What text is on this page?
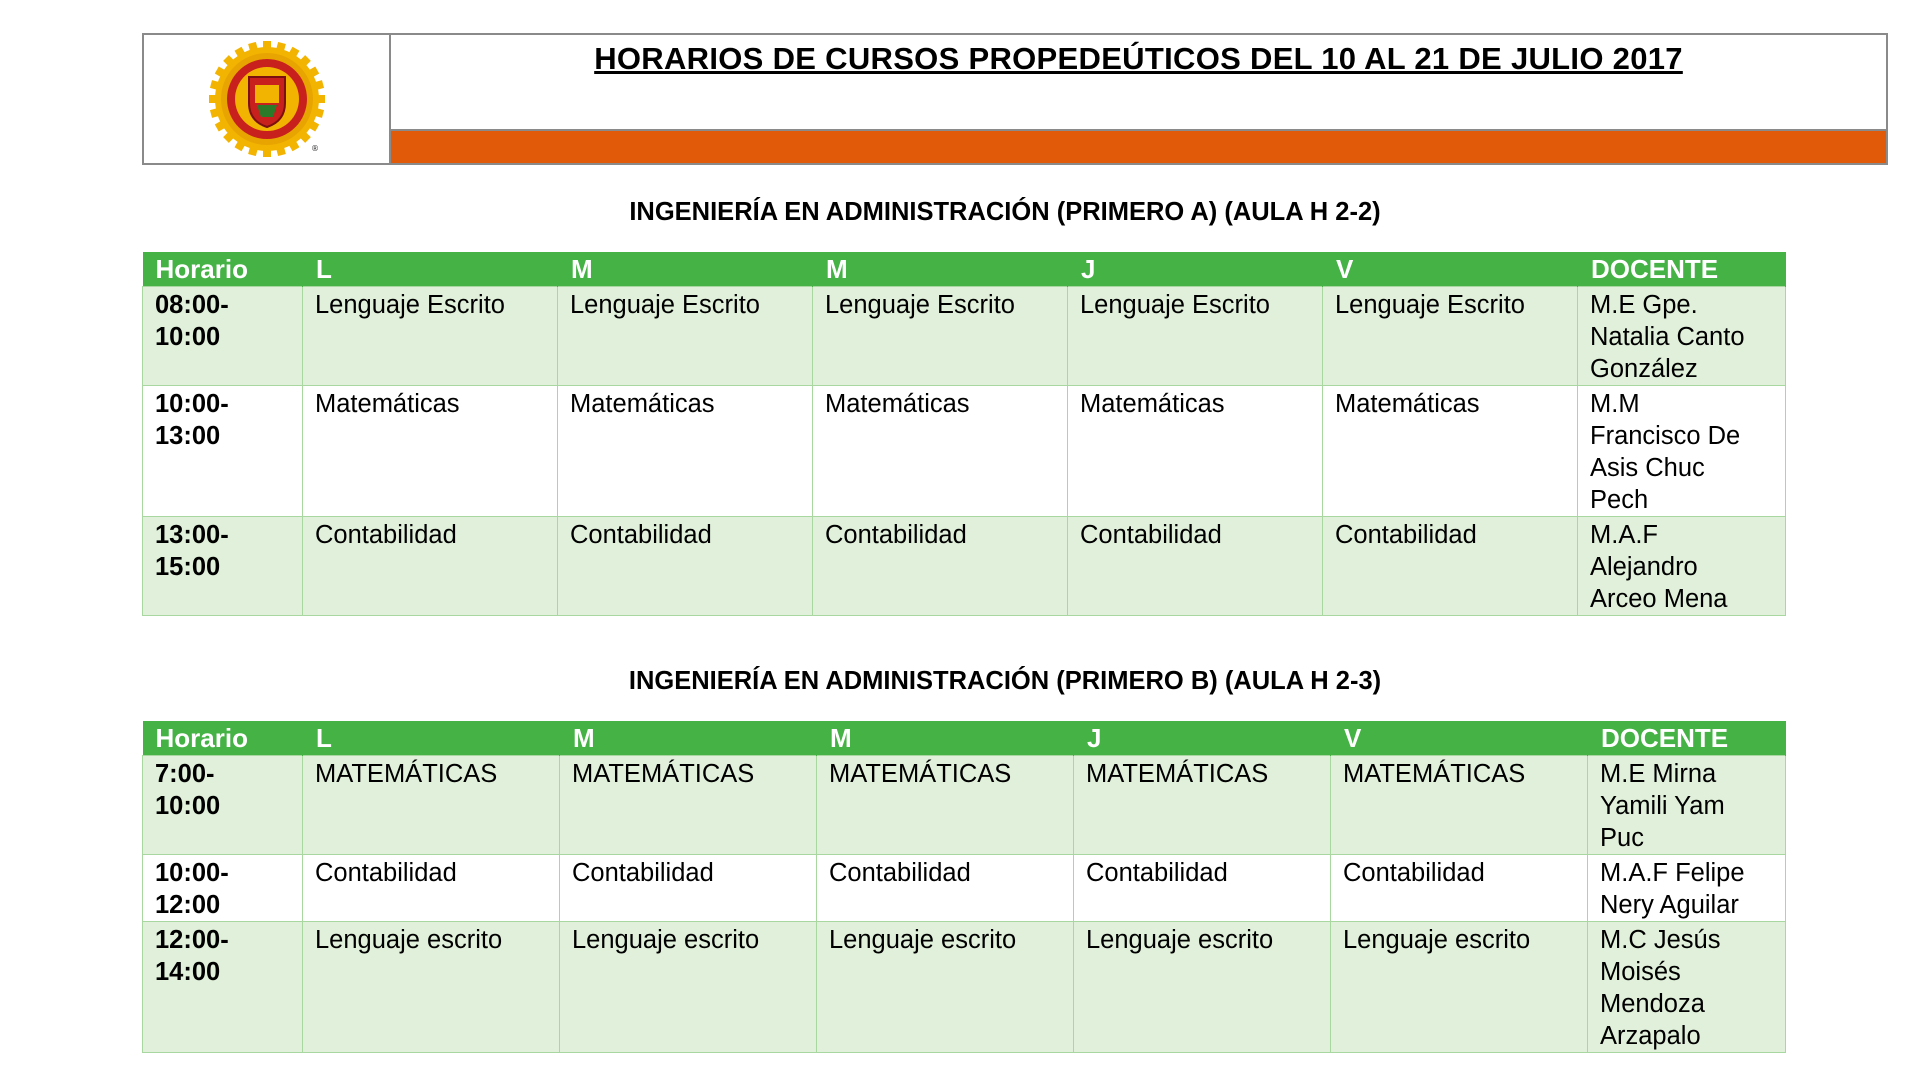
®
HORARIOS DE CURSOS PROPEDEÚTICOS DEL 10 AL 21 DE JULIO 2017
INGENIERÍA EN ADMINISTRACIÓN (PRIMERO A) (AULA H 2-2)
Horario	L	M	M	J	V	DOCENTE

08:00-
10:00	Lenguaje Escrito	Lenguaje Escrito	Lenguaje Escrito	Lenguaje Escrito	Lenguaje Escrito	M.E Gpe.
Natalia Canto
González

10:00-
13:00	Matemáticas	Matemáticas	Matemáticas	Matemáticas	Matemáticas	M.M
Francisco De
Asis Chuc
Pech

13:00-
15:00	Contabilidad	Contabilidad	Contabilidad	Contabilidad	Contabilidad	M.A.F
Alejandro
Arceo Mena
INGENIERÍA EN ADMINISTRACIÓN (PRIMERO B) (AULA H 2-3)
Horario	L	M	M	J	V	DOCENTE

7:00-
10:00	MATEMÁTICAS	MATEMÁTICAS	MATEMÁTICAS	MATEMÁTICAS	MATEMÁTICAS	M.E Mirna
Yamili Yam
Puc

10:00-
12:00	Contabilidad	Contabilidad	Contabilidad	Contabilidad	Contabilidad	M.A.F Felipe
Nery Aguilar

12:00-
14:00	Lenguaje escrito	Lenguaje escrito	Lenguaje escrito	Lenguaje escrito	Lenguaje escrito	M.C Jesús
Moisés
Mendoza
Arzapalo
